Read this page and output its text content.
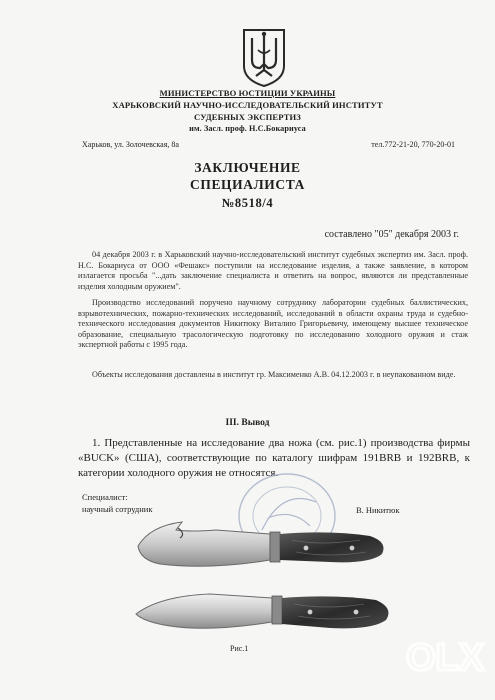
МИНИСТЕРСТВО ЮСТИЦИИ УКРАИНЫ
ХАРЬКОВСКИЙ НАУЧНО-ИССЛЕДОВАТЕЛЬСКИЙ ИНСТИТУТ
СУДЕБНЫХ ЭКСПЕРТИЗ
им. Засл. проф. Н.С.Бокариуса
Харьков, ул. Золочевская, 8а	тел.772-21-20, 770-20-01
ЗАКЛЮЧЕНИЕ
СПЕЦИАЛИСТА
№8518/4
составлено "05" декабря 2003 г.

04 декабря 2003 г. в Харьковский научно-исследовательский институт судебных экспертиз им. Засл. проф. Н.С. Бокариуса от ООО «Фешакс» поступили на исследование изделия, а также заявление, в котором излагается просьба "...дать заключение специалиста и ответить на вопрос, являются ли представленные изделия холодным оружием".

Производство исследований поручено научному сотруднику лаборатории судебных баллистических, взрывотехнических, пожарно-технических исследований, исследований в области охраны труда и судебно-технического исследования документов Никитюку Виталию Григорьевичу, имеющему высшее техническое образование, специальную трасологическую подготовку по исследованию холодного оружия и стаж экспертной работы с 1995 года.

Объекты исследования доставлены в институт гр. Максименко А.В. 04.12.2003 г. в неупакованном виде.

III. Вывод

1. Представленные на исследование два ножа (см. рис.1) производства фирмы «BUCK» (США), соответствующие по каталогу шифрам 191BRB и 192BRB, к категории холодного оружия не относятся.

Специалист:
научный сотрудник	В. Никитюк
Рис.1	OLX
